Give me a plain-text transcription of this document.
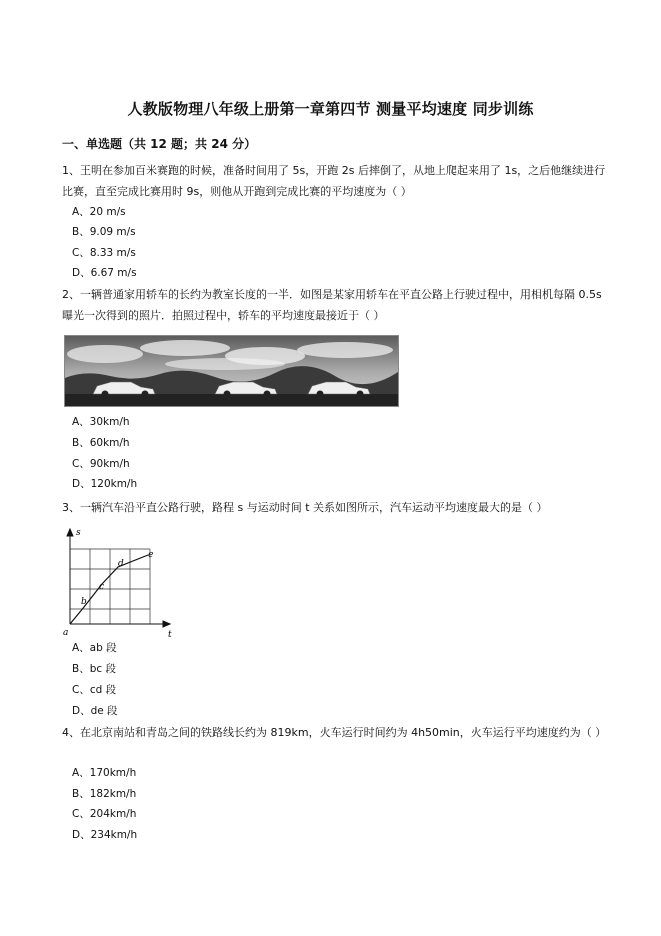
人教版物理八年级上册第一章第四节 测量平均速度 同步训练
一、单选题（共 12 题；共 24 分）
1、王明在参加百米赛跑的时候，准备时间用了 5s，开跑 2s 后摔倒了，从地上爬起来用了 1s，之后他继续进行比赛，直至完成比赛用时 9s，则他从开跑到完成比赛的平均速度为（ ）
A、20 m/s
B、9.09 m/s
C、8.33 m/s
D、6.67 m/s
2、一辆普通家用轿车的长约为教室长度的一半．如图是某家用轿车在平直公路上行驶过程中，用相机每隔 0.5s 曝光一次得到的照片．拍照过程中，轿车的平均速度最接近于（ ）
A、30km/h
B、60km/h
C、90km/h
D、120km/h
3、一辆汽车沿平直公路行驶，路程 s 与运动时间 t 关系如图所示，汽车运动平均速度最大的是（ ）
s
t
a
b
c
d
e
A、ab 段
B、bc 段
C、cd 段
D、de 段
4、在北京南站和青岛之间的铁路线长约为 819km，火车运行时间约为 4h50min，火车运行平均速度约为（ ）
A、170km/h
B、182km/h
C、204km/h
D、234km/h
